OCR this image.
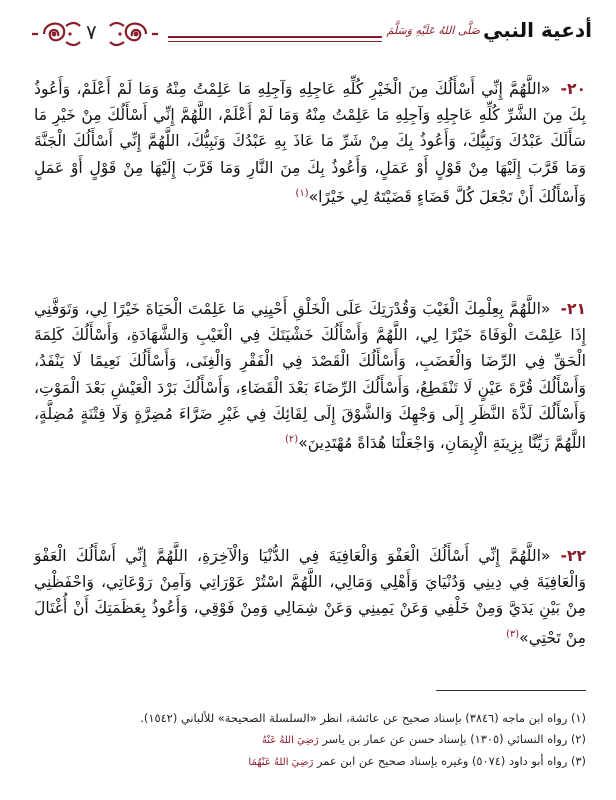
أدعية النبي
صَلَّى اللهُ عَلَيْهِ وَسَلَّمَ
٧
٢٠-«اللَّهُمَّ إِنِّي أَسْأَلُكَ مِنَ الْخَيْرِ كُلِّهِ عَاجِلِهِ وَآجِلِهِ مَا عَلِمْتُ مِنْهُ وَمَا لَمْ أَعْلَمْ، وَأَعُوذُ بِكَ مِنَ الشَّرِّ كُلِّهِ عَاجِلِهِ وَآجِلِهِ مَا عَلِمْتُ مِنْهُ وَمَا لَمْ أَعْلَمْ، اللَّهُمَّ إِنِّي أَسْأَلُكَ مِنْ خَيْرِ مَا سَأَلَكَ عَبْدُكَ وَنَبِيُّكَ، وَأَعُوذُ بِكَ مِنْ شَرِّ مَا عَاذَ بِهِ عَبْدُكَ وَنَبِيُّكَ، اللَّهُمَّ إِنِّي أَسْأَلُكَ الْجَنَّةَ وَمَا قَرَّبَ إِلَيْهَا مِنْ قَوْلٍ أَوْ عَمَلٍ، وَأَعُوذُ بِكَ مِنَ النَّارِ وَمَا قَرَّبَ إِلَيْهَا مِنْ قَوْلٍ أَوْ عَمَلٍ وَأَسْأَلُكَ أَنْ تَجْعَلَ كُلَّ قَضَاءٍ قَضَيْتَهُ لِي خَيْرًا»$^{(١)}$
٢١-«اللَّهُمَّ بِعِلْمِكَ الْغَيْبَ وَقُدْرَتِكَ عَلَى الْخَلْقِ أَحْيِنِي مَا عَلِمْتَ الْحَيَاةَ خَيْرًا لِي، وَتَوَفَّنِي إِذَا عَلِمْتَ الْوَفَاةَ خَيْرًا لِي، اللَّهُمَّ وَأَسْأَلُكَ خَشْيَتَكَ فِي الْغَيْبِ وَالشَّهَادَةِ، وَأَسْأَلُكَ كَلِمَةَ الْحَقِّ فِي الرِّضَا وَالْغَضَبِ، وَأَسْأَلُكَ الْقَصْدَ فِي الْفَقْرِ وَالْغِنَى، وَأَسْأَلُكَ نَعِيمًا لَا يَنْفَدُ، وَأَسْأَلُكَ قُرَّةَ عَيْنٍ لَا تَنْقَطِعُ، وَأَسْأَلُكَ الرِّضَاءَ بَعْدَ الْقَضَاءِ، وَأَسْأَلُكَ بَرْدَ الْعَيْشِ بَعْدَ الْمَوْتِ، وَأَسْأَلُكَ لَذَّةَ النَّظَرِ إِلَى وَجْهِكَ وَالشَّوْقَ إِلَى لِقَائِكَ فِي غَيْرِ ضَرَّاءَ مُضِرَّةٍ وَلَا فِتْنَةٍ مُضِلَّةٍ، اللَّهُمَّ زَيِّنَّا بِزِينَةِ الْإِيمَانِ، وَاجْعَلْنَا هُدَاةً مُهْتَدِينَ»$^{(٢)}$
٢٢-«اللَّهُمَّ إِنِّي أَسْأَلُكَ الْعَفْوَ وَالْعَافِيَةَ فِي الدُّنْيَا وَالْآخِرَةِ، اللَّهُمَّ إِنِّي أَسْأَلُكَ الْعَفْوَ وَالْعَافِيَةَ فِي دِينِي وَدُنْيَايَ وَأَهْلِي وَمَالِي، اللَّهُمَّ اسْتُرْ عَوْرَاتِي وَآمِنْ رَوْعَاتِي، وَاحْفَظْنِي مِنْ بَيْنِ يَدَيَّ وَمِنْ خَلْفِي وَعَنْ يَمِينِي وَعَنْ شِمَالِي وَمِنْ فَوْقِي، وَأَعُوذُ بِعَظَمَتِكَ أَنْ أُغْتَالَ مِنْ تَحْتِي»$^{(٣)}$
(١) رواه ابن ماجه (٣٨٤٦) بإسناد صحيح عن عائشة، انظر «السلسلة الصحيحة» للألباني (١٥٤٢).
(٢) رواه النسائي (١٣٠٥) بإسناد حسن عن عمار بن ياسر رَضِيَ اللهُ عَنْهُ
(٣) رواه أبو داود (٥٠٧٤) وغيره بإسناد صحيح عن ابن عمر رَضِيَ اللهُ عَنْهُمَا
